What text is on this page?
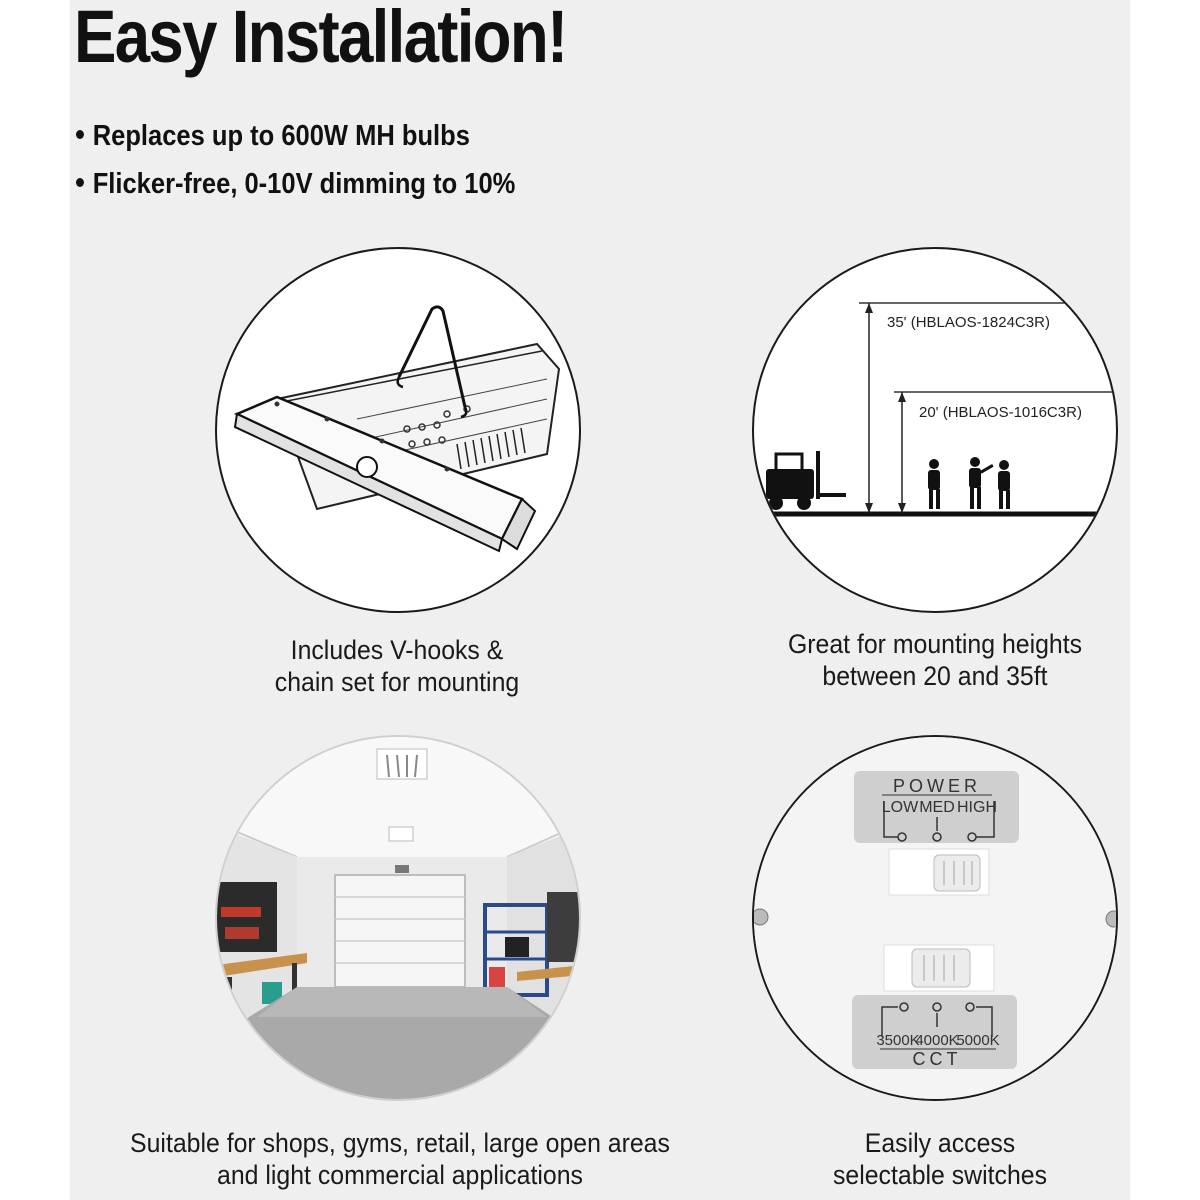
Easy Installation!
Replaces up to 600W MH bulbs
Flicker-free, 0-10V dimming to 10%
Includes V-hooks &
chain set for mounting
35' (HBLAOS-1824C3R)
20' (HBLAOS-1016C3R)
Great for mounting heights
between 20 and 35ft
Suitable for shops, gyms, retail, large open areas
and light commercial applications
POWER
LOW MED HIGH
3500K
4000K
5000K
CCT
Easily access
selectable switches
